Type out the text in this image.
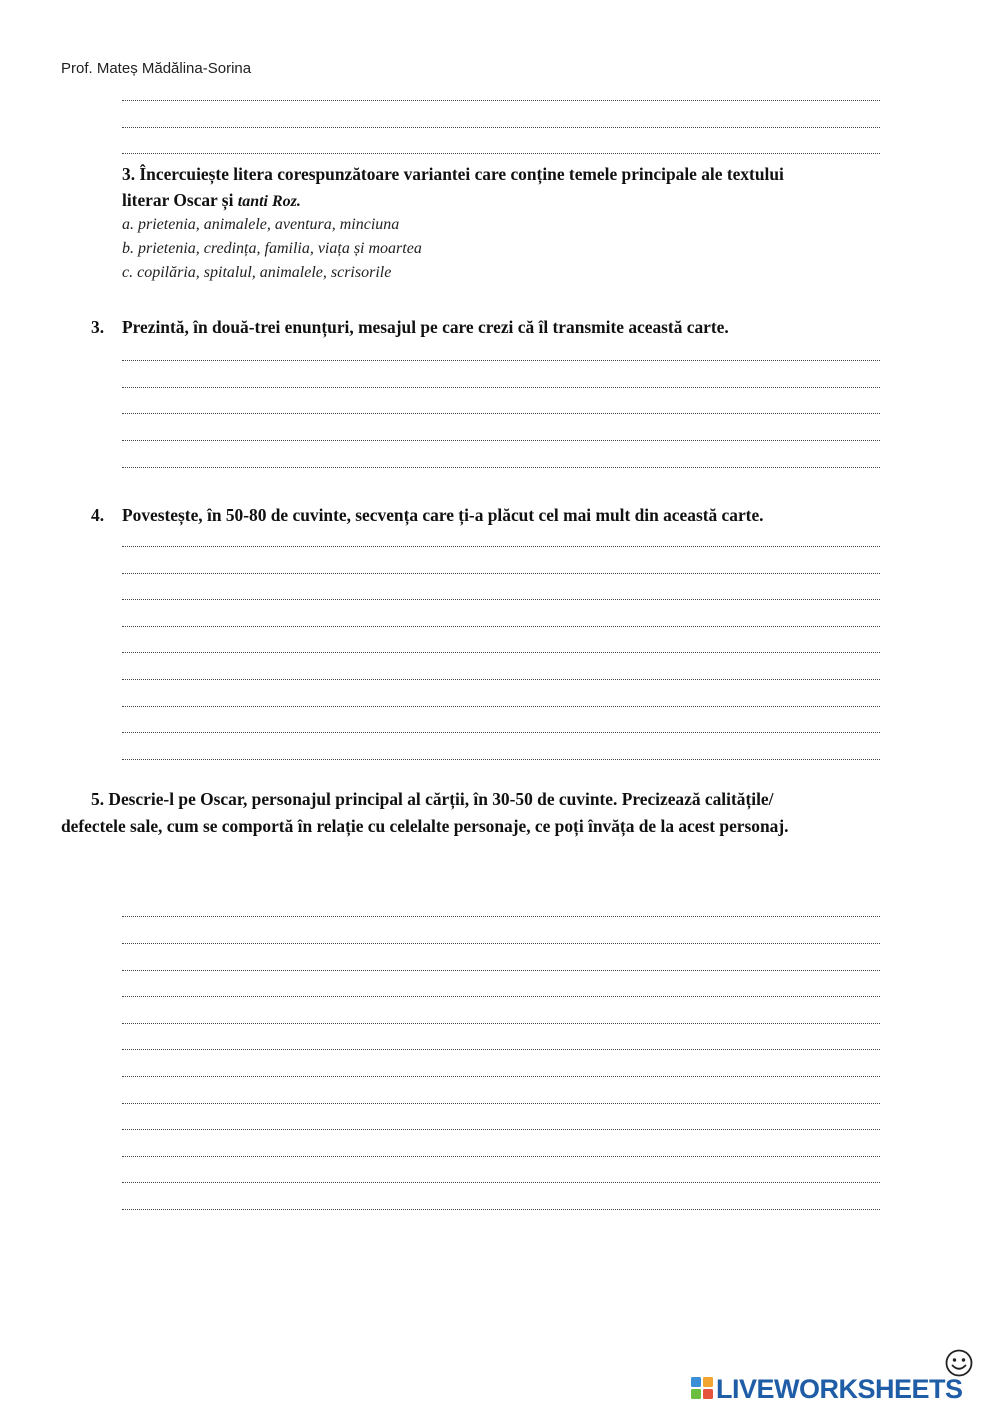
Prof. Mateș Mădălina-Sorina
3. Încercuiește litera corespunzătoare variantei care conține temele principale ale textului
literar Oscar și tanti Roz.
a. prietenia, animalele, aventura, minciuna
b. prietenia, credința, familia, viața și moartea
c. copilăria, spitalul, animalele, scrisorile
3. Prezintă, în două-trei enunțuri, mesajul pe care crezi că îl transmite această carte.
4. Povestește, în 50-80 de cuvinte, secvența care ți-a plăcut cel mai mult din această carte.
5. Descrie-l pe Oscar, personajul principal al cărții, în 30-50 de cuvinte. Precizează calitățile/
defectele sale, cum se comportă în relație cu celelalte personaje, ce poți învăța de la acest personaj.
LIVEWORKSHEETS
